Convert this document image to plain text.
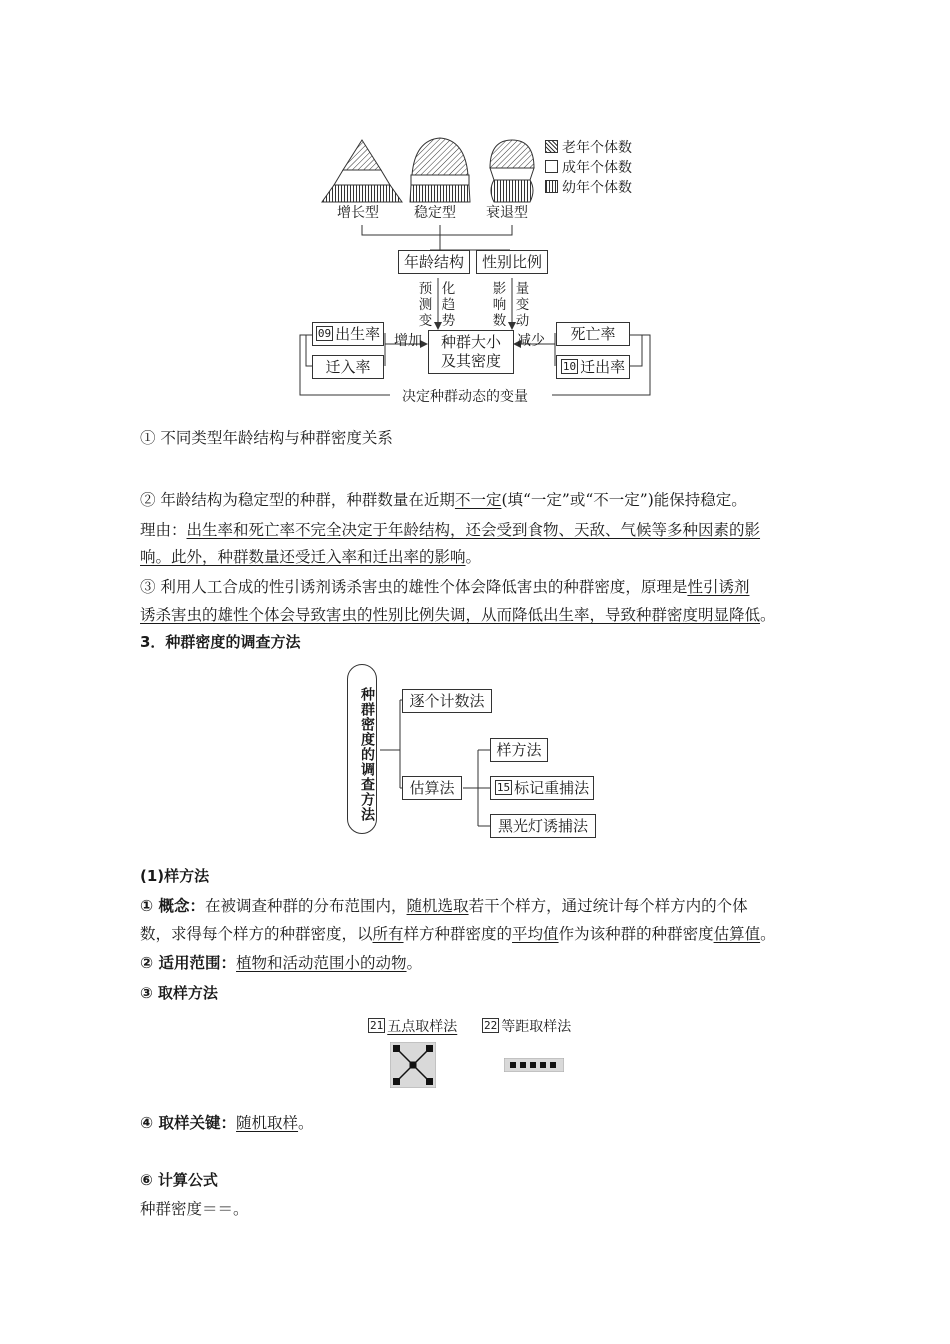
老年个体数
成年个体数
幼年个体数
增长型	稳定型 衰退型
年龄结构	性别比例
预测变
化趋势
影响数
量变动
09 出生率
迁入率
死亡率
10 迁出率
增加	减少
种群大小
及其密度
决定种群动态的变量
① 不同类型年龄结构与种群密度关系
② 年龄结构为稳定型的种群，种群数量在近期不一定(填“一定”或“不一定”)能保持稳定。
理由：出生率和死亡率不完全决定于年龄结构，还会受到食物、天敌、气候等多种因素的影
响。此外，种群数量还受迁入率和迁出率的影响。
③ 利用人工合成的性引诱剂诱杀害虫的雄性个体会降低害虫的种群密度，原理是性引诱剂
诱杀害虫的雄性个体会导致害虫的性别比例失调，从而降低出生率，导致种群密度明显降低。
3．种群密度的调查方法
种群密度的调查方法	逐个计数法
估算法
样方法
15 标记重捕法
黑光灯诱捕法
(1)样方法
① 概念：在被调查种群的分布范围内，随机选取若干个样方，通过统计每个样方内的个体
数，求得每个样方的种群密度，以所有样方种群密度的平均值作为该种群的种群密度估算值。
② 适用范围：植物和活动范围小的动物。
③ 取样方法
21 五点取样法 22 等距取样法
④ 取样关键：随机取样。
⑥ 计算公式
种群密度＝＝。
